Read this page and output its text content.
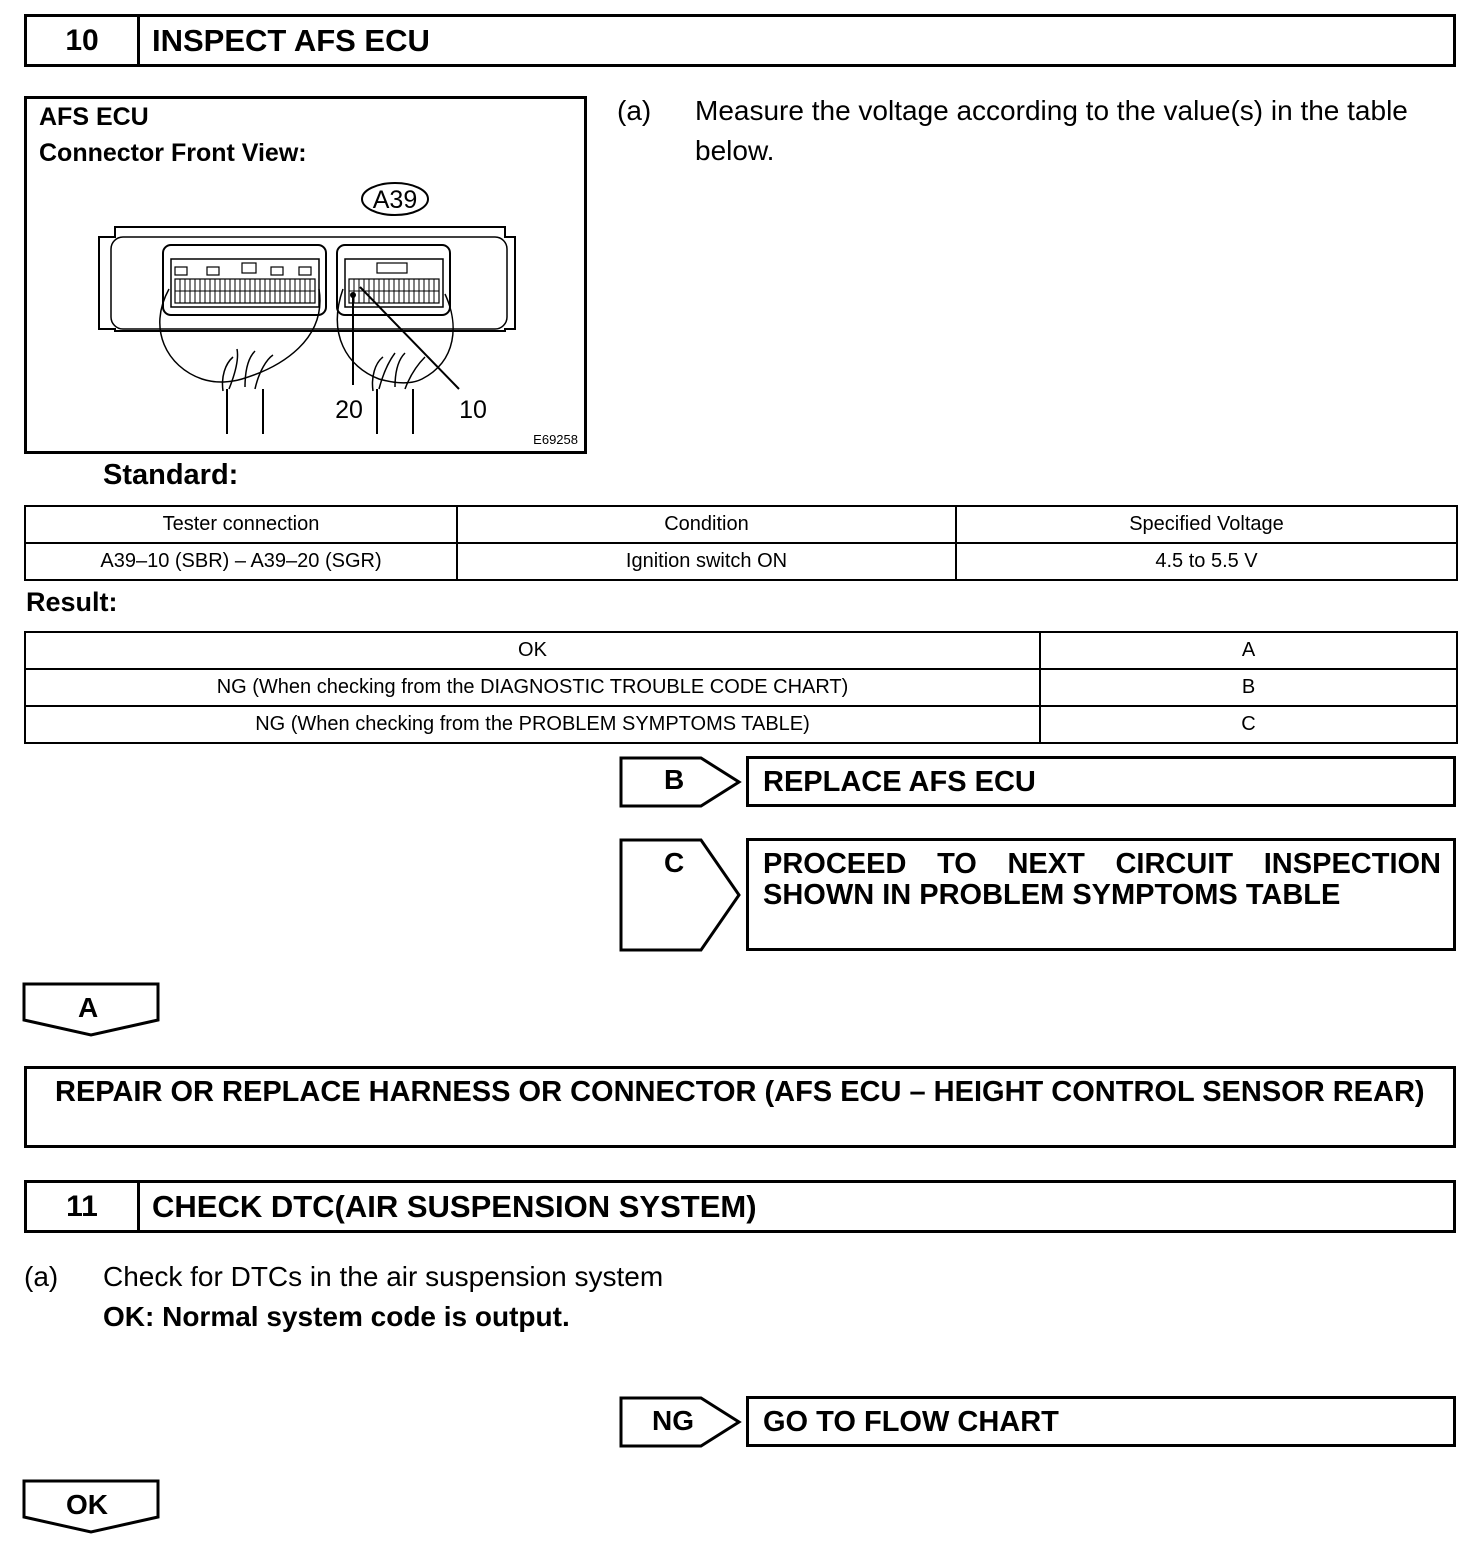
10	INSPECT AFS ECU
AFS ECU
Connector Front View:
A39
20	10
E69258
(a) Measure the voltage according to the value(s) in the table below.
Standard:
Tester connection	Condition	Specified Voltage
A39–10 (SBR) – A39–20 (SGR)	Ignition switch ON	4.5 to 5.5 V
Result:
OK	A
NG (When checking from the DIAGNOSTIC TROUBLE CODE CHART)	B
NG (When checking from the PROBLEM SYMPTOMS TABLE)	C
B	REPLACE AFS ECU
C	PROCEED TO NEXT CIRCUIT INSPECTION SHOWN IN PROBLEM SYMPTOMS TABLE
A
REPAIR OR REPLACE HARNESS OR CONNECTOR (AFS ECU – HEIGHT CONTROL SENSOR REAR)
11	CHECK DTC(AIR SUSPENSION SYSTEM)
(a) Check for DTCs in the air suspension system
OK: Normal system code is output.
NG	GO TO FLOW CHART
OK
